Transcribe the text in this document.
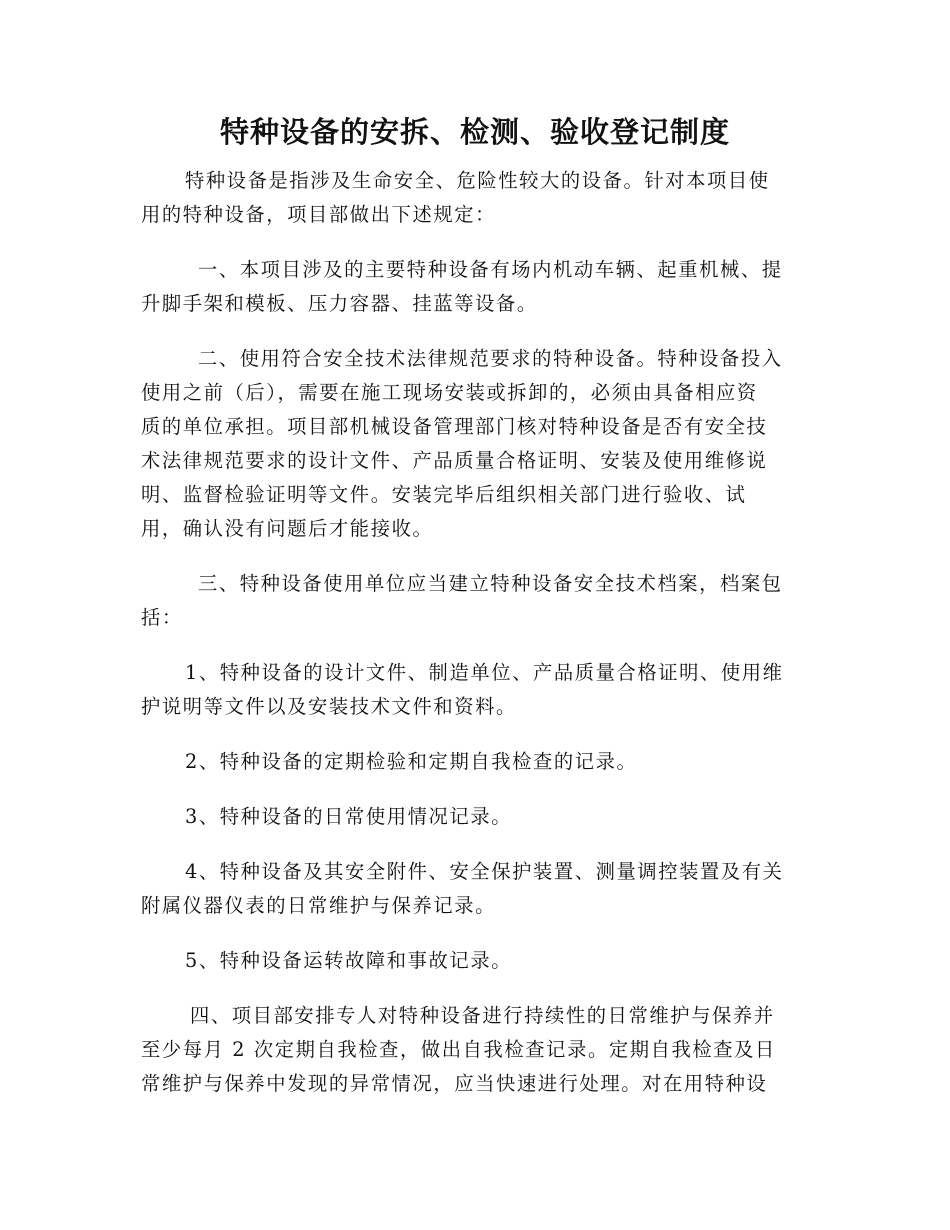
特种设备的安拆、检测、验收登记制度

特种设备是指涉及生命安全、危险性较大的设备。针对本项目使
用的特种设备，项目部做出下述规定：

一、本项目涉及的主要特种设备有场内机动车辆、起重机械、提
升脚手架和模板、压力容器、挂蓝等设备。

二、使用符合安全技术法律规范要求的特种设备。特种设备投入
使用之前（后），需要在施工现场安装或拆卸的，必须由具备相应资
质的单位承担。项目部机械设备管理部门核对特种设备是否有安全技
术法律规范要求的设计文件、产品质量合格证明、安装及使用维修说
明、监督检验证明等文件。安装完毕后组织相关部门进行验收、试
用，确认没有问题后才能接收。

三、特种设备使用单位应当建立特种设备安全技术档案，档案包
括：

1、特种设备的设计文件、制造单位、产品质量合格证明、使用维
护说明等文件以及安装技术文件和资料。

2、特种设备的定期检验和定期自我检查的记录。

3、特种设备的日常使用情况记录。

4、特种设备及其安全附件、安全保护装置、测量调控装置及有关
附属仪器仪表的日常维护与保养记录。

5、特种设备运转故障和事故记录。

四、项目部安排专人对特种设备进行持续性的日常维护与保养并
至少每月 2 次定期自我检查，做出自我检查记录。定期自我检查及日
常维护与保养中发现的异常情况，应当快速进行处理。对在用特种设
